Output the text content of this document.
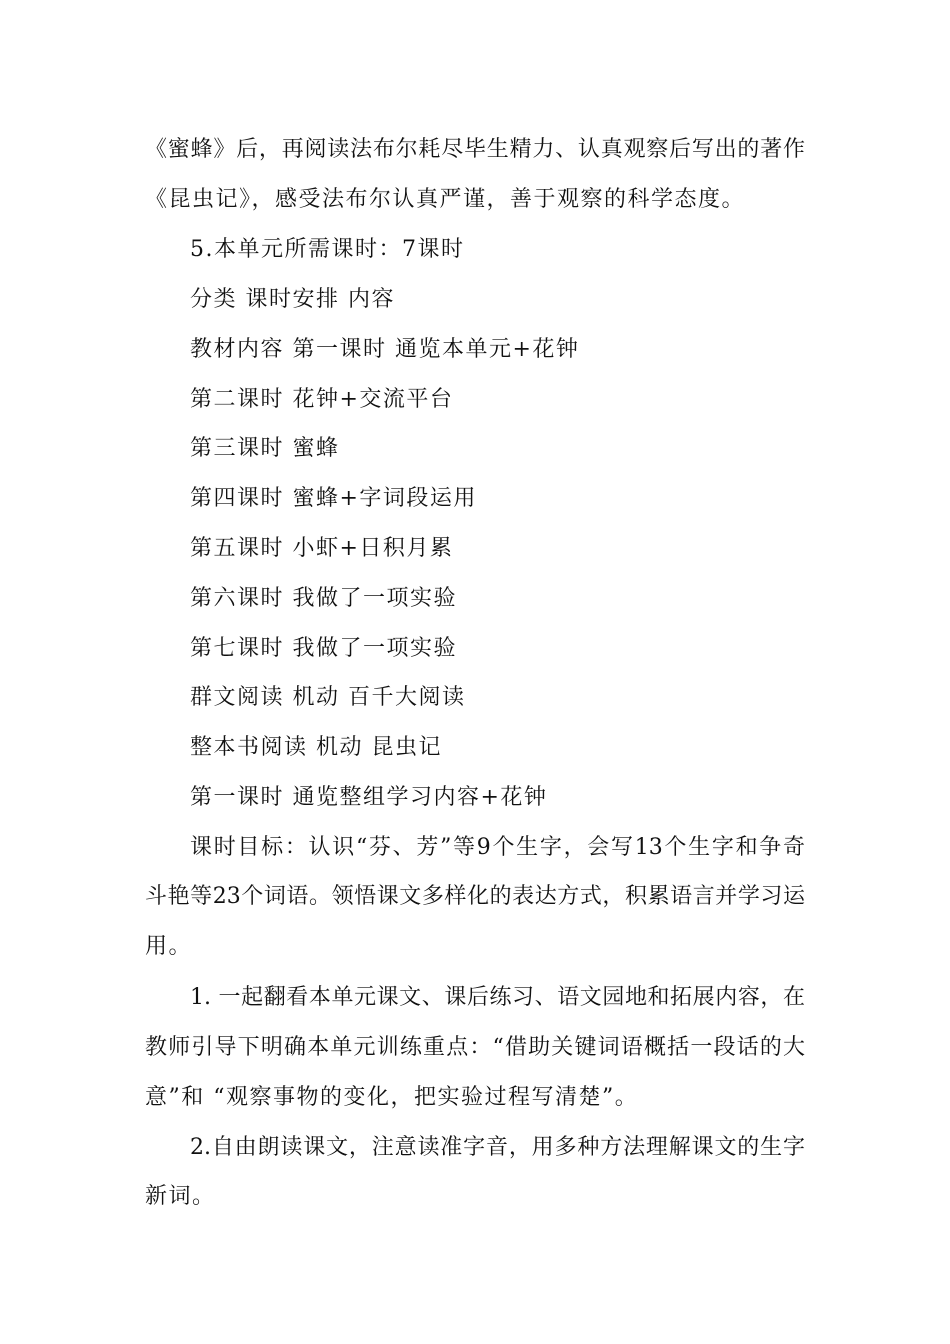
《蜜蜂》后，再阅读法布尔耗尽毕生精力、认真观察后写出的著作
《昆虫记》，感受法布尔认真严谨，善于观察的科学态度。
5.本单元所需课时：7课时
分类 课时安排 内容
教材内容 第一课时 通览本单元+花钟
第二课时 花钟+交流平台
第三课时 蜜蜂
第四课时 蜜蜂+字词段运用
第五课时 小虾+日积月累
第六课时 我做了一项实验
第七课时 我做了一项实验
群文阅读 机动 百千大阅读
整本书阅读 机动 昆虫记
第一课时 通览整组学习内容+花钟
课时目标：认识“芬、芳”等9个生字，会写13个生字和争奇
斗艳等23个词语。领悟课文多样化的表达方式，积累语言并学习运
用。
1. 一起翻看本单元课文、课后练习、语文园地和拓展内容，在
教师引导下明确本单元训练重点：“借助关键词语概括一段话的大
意”和 “观察事物的变化，把实验过程写清楚”。
2.自由朗读课文，注意读准字音，用多种方法理解课文的生字
新词。
